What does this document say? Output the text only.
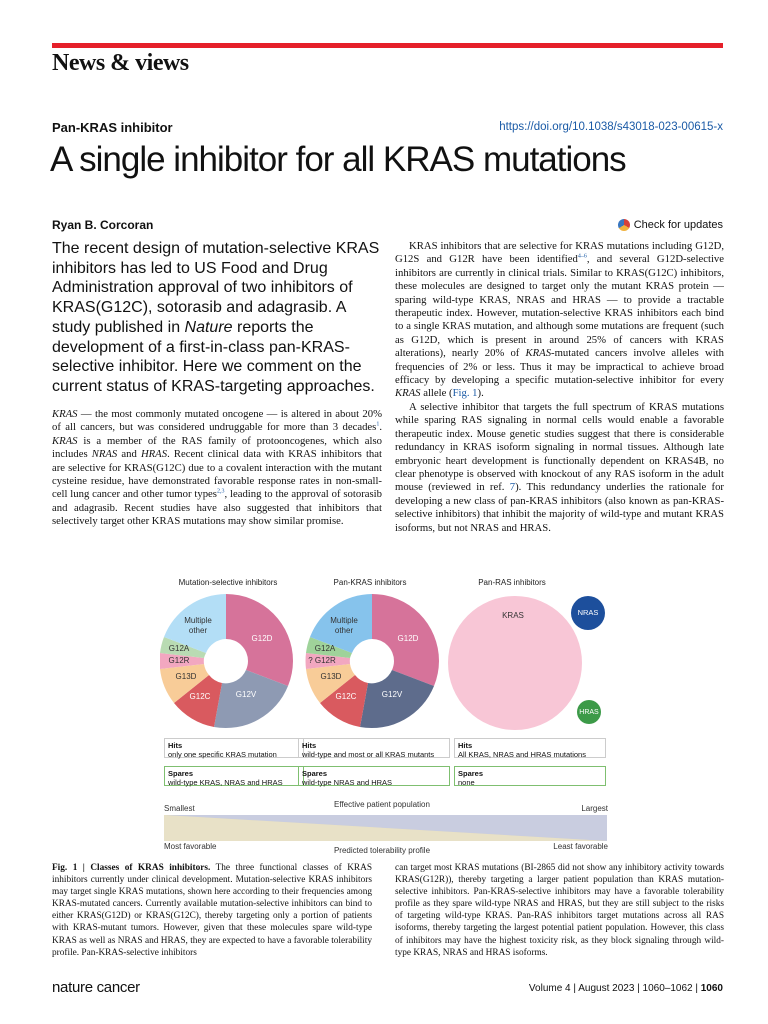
News & views
Pan-KRAS inhibitor	https://doi.org/10.1038/s43018-023-00615-x
A single inhibitor for all KRAS mutations
Ryan B. Corcoran	Check for updates
The recent design of mutation-selective KRAS inhibitors has led to US Food and Drug Administration approval of two inhibitors of KRAS(G12C), sotorasib and adagrasib. A study published in Nature reports the development of a first-in-class pan-KRAS-selective inhibitor. Here we comment on the current status of KRAS-targeting approaches.

KRAS — the most commonly mutated oncogene — is altered in about 20% of all cancers, but was considered undruggable for more than 3 decades$^1$. KRAS is a member of the RAS family of protooncogenes, which also includes NRAS and HRAS. Recent clinical data with KRAS inhibitors that are selective for KRAS(G12C) due to a covalent interaction with the mutant cysteine residue, have demonstrated favorable response rates in non-small-cell lung cancer and other tumor types$^{2,3}$, leading to the approval of sotorasib and adagrasib. Recent studies have also suggested that inhibitors that selectively target other KRAS mutations may show similar promise.

KRAS inhibitors that are selective for KRAS mutations including G12D, G12S and G12R have been identified$^{4-6}$, and several G12D-selective inhibitors are currently in clinical trials. Similar to KRAS(G12C) inhibitors, these molecules are designed to target only the mutant KRAS protein — sparing wild-type KRAS, NRAS and HRAS — to provide a tractable therapeutic index. However, mutation-selective KRAS inhibitors each bind to a single KRAS mutation, and although some mutations are frequent (such as G12D, which is present in around 25% of cancers with KRAS alterations), nearly 20% of KRAS-mutated cancers involve alleles with frequencies of 2% or less. Thus it may be impractical to achieve broad efficacy by developing a specific mutation-selective inhibitor for every KRAS allele (Fig. 1).

A selective inhibitor that targets the full spectrum of KRAS mutations while sparing RAS signaling in normal cells would enable a favorable therapeutic index. Mouse genetic studies suggest that there is considerable redundancy in KRAS isoform signaling in normal tissues. Although late embryonic heart development is functionally dependent on KRAS4B, no clear phenotype is observed with knockout of any RAS isoform in the adult mouse (reviewed in ref. 7). This redundancy underlies the rationale for developing a new class of pan-KRAS inhibitors (also known as pan-KRAS-selective inhibitors) that inhibit the majority of wild-type and mutant KRAS isoforms, but not NRAS and HRAS.

Mutation-selective inhibitors	Pan-KRAS inhibitors	Pan-RAS inhibitors
Multiple
other
G12D
G12V
G12C
G13D
G12R
G12A
Multiple
other
G12D
G12V
G12C
G13D
? G12R
G12A
KRAS	NRAS
HRAS
Smallest	Effective patient population	Largest
Most favorable	Predicted tolerability profile	Least favorable
Hits
only one specific KRAS mutation
Spares
wild-type KRAS, NRAS and HRAS
Hits
wild-type and most or all KRAS mutants
Spares
wild-type NRAS and HRAS
Hits
All KRAS, NRAS and HRAS mutations
Spares
none
Fig. 1 | Classes of KRAS inhibitors. The three functional classes of KRAS inhibitors currently under clinical development. Mutation-selective KRAS inhibitors may target single KRAS mutations, shown here according to their frequencies among KRAS-mutated cancers. Currently available mutation-selective inhibitors can bind to either KRAS(G12D) or KRAS(G12C), thereby targeting only a portion of patients with KRAS-mutant tumors. However, given that these molecules spare wild-type KRAS as well as NRAS and HRAS, they are expected to have a favorable tolerability profile. Pan-KRAS-selective inhibitors
can target most KRAS mutations (BI-2865 did not show any inhibitory activity towards KRAS(G12R)), thereby targeting a larger patient population than KRAS mutation-selective inhibitors. Pan-KRAS-selective inhibitors may have a favorable tolerability profile as they spare wild-type NRAS and HRAS, but they are still subject to the risks of targeting wild-type KRAS. Pan-RAS inhibitors target mutations across all RAS isoforms, thereby targeting the largest potential patient population. However, this class of inhibitors may have the highest toxicity risk, as they block signaling through wild-type KRAS, NRAS and HRAS isoforms.
nature cancer	Volume 4 | August 2023 | 1060–1062 | 1060
